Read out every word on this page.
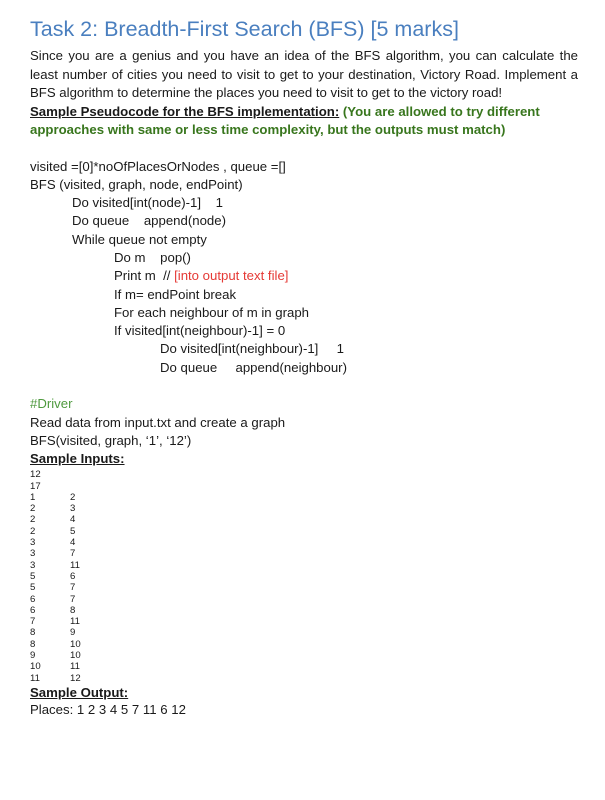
Task 2: Breadth-First Search (BFS) [5 marks]

Since you are a genius and you have an idea of the BFS algorithm, you can calculate the least number of cities you need to visit to get to your destination, Victory Road. Implement a BFS algorithm to determine the places you need to visit to get to the victory road!

Sample Pseudocode for the BFS implementation: (You are allowed to try different approaches with same or less time complexity, but the outputs must match)

visited =[0]*noOfPlacesOrNodes , queue =[]
BFS (visited, graph, node, endPoint)
Do visited[int(node)-1]    1
Do queue    append(node)
While queue not empty
Do m    pop()
Print m  // [into output text file]
If m= endPoint break
For each neighbour of m in graph
If visited[int(neighbour)-1] = 0
Do visited[int(neighbour)-1]     1
Do queue     append(neighbour)
#Driver
Read data from input.txt and create a graph
BFS(visited, graph, ‘1’, ‘12’)

Sample Inputs:

12
17
1	2
2	3
2	4
2	5
3	4
3	7
3	11
5	6
5	7
6	7
6	8
7	11
8	9
8	10
9	10
10	11
11	12

Sample Output:

Places: 1 2 3 4 5 7 11 6 12
